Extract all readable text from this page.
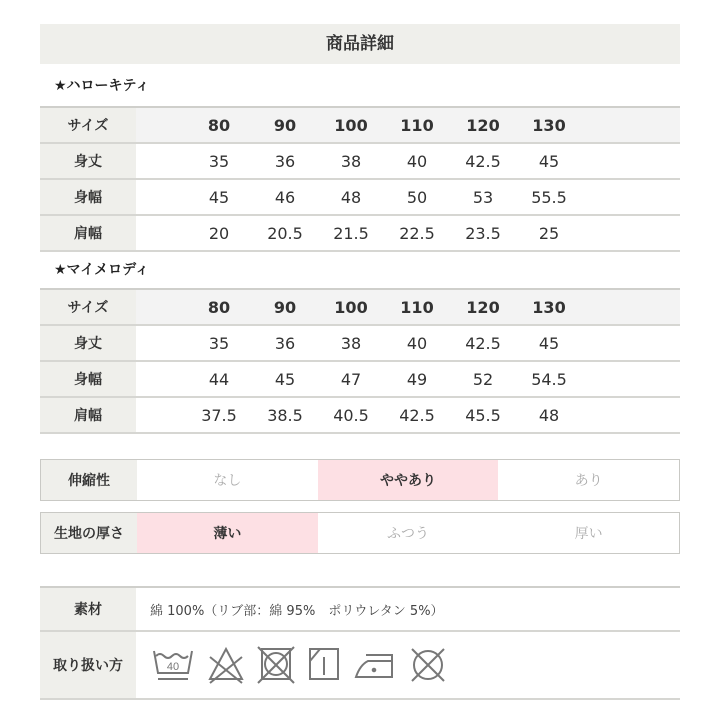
商品詳細
★ハローキティ
サイズ		80	90	100	110	120	130	
身丈		35	36	38	40	42.5	45	
身幅		45	46	48	50	53	55.5	
肩幅		20	20.5	21.5	22.5	23.5	25	
★マイメロディ
サイズ		80	90	100	110	120	130	
身丈		35	36	38	40	42.5	45	
身幅		44	45	47	49	52	54.5	
肩幅		37.5	38.5	40.5	42.5	45.5	48	
伸縮性	なし	ややあり	あり
生地の厚さ	薄い	ふつう	厚い
素材	綿 100%（リブ部：綿 95%　ポリウレタン 5%）
取り扱い方	40
